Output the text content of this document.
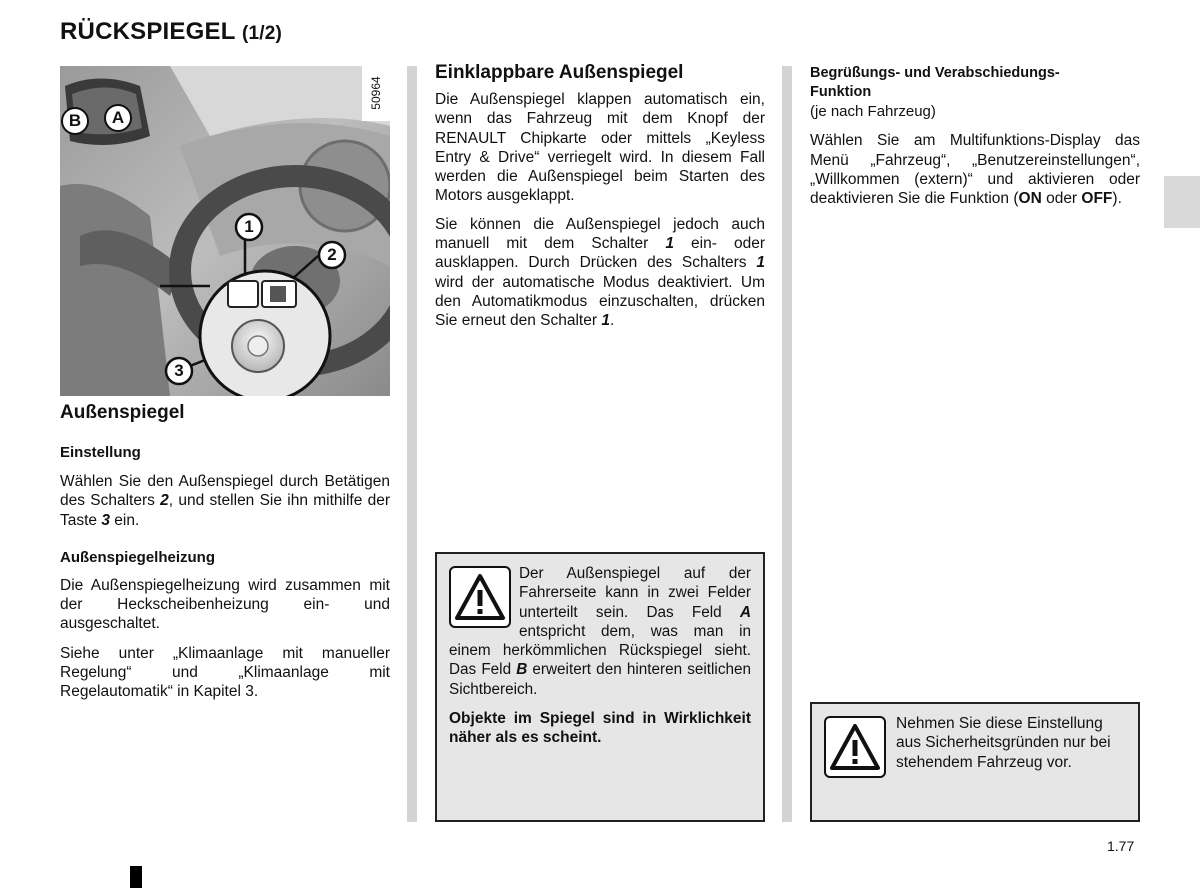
RÜCKSPIEGEL (1/2)
A
B
1
2
3
50964
Außenspiegel
Einstellung

Wählen Sie den Außenspiegel durch Betätigen des Schalters 2, und stellen Sie ihn mithilfe der Taste 3 ein.

Außenspiegelheizung

Die Außenspiegelheizung wird zusammen mit der Heckscheibenheizung ein- und ausgeschaltet.

Siehe unter „Klimaanlage mit manueller Regelung“ und „Klimaanlage mit Regelautomatik“ in Kapitel 3.

Einklappbare Außenspiegel

Die Außenspiegel klappen automatisch ein, wenn das Fahrzeug mit dem Knopf der RENAULT Chipkarte oder mittels „Keyless Entry & Drive“ verriegelt wird. In diesem Fall werden die Außenspiegel beim Starten des Motors ausgeklappt.

Sie können die Außenspiegel jedoch auch manuell mit dem Schalter 1 ein- oder ausklappen. Durch Drücken des Schalters 1 wird der automatische Modus deaktiviert. Um den Automatikmodus einzuschalten, drücken Sie erneut den Schalter 1.

Der Außenspiegel auf der Fahrerseite kann in zwei Felder unterteilt sein. Das Feld A entspricht dem, was man in einem herkömmlichen Rückspiegel sieht. Das Feld B erweitert den hinteren seitlichen Sichtbereich.

Objekte im Spiegel sind in Wirklichkeit näher als es scheint.

Begrüßungs- und Verabschiedungs-Funktion
(je nach Fahrzeug)

Wählen Sie am Multifunktions-Display das Menü „Fahrzeug“, „Benutzereinstellungen“, „Willkommen (extern)“ und aktivieren oder deaktivieren Sie die Funktion (ON oder OFF).

Nehmen Sie diese Einstellung aus Sicherheitsgründen nur bei stehendem Fahrzeug vor.

1.77
